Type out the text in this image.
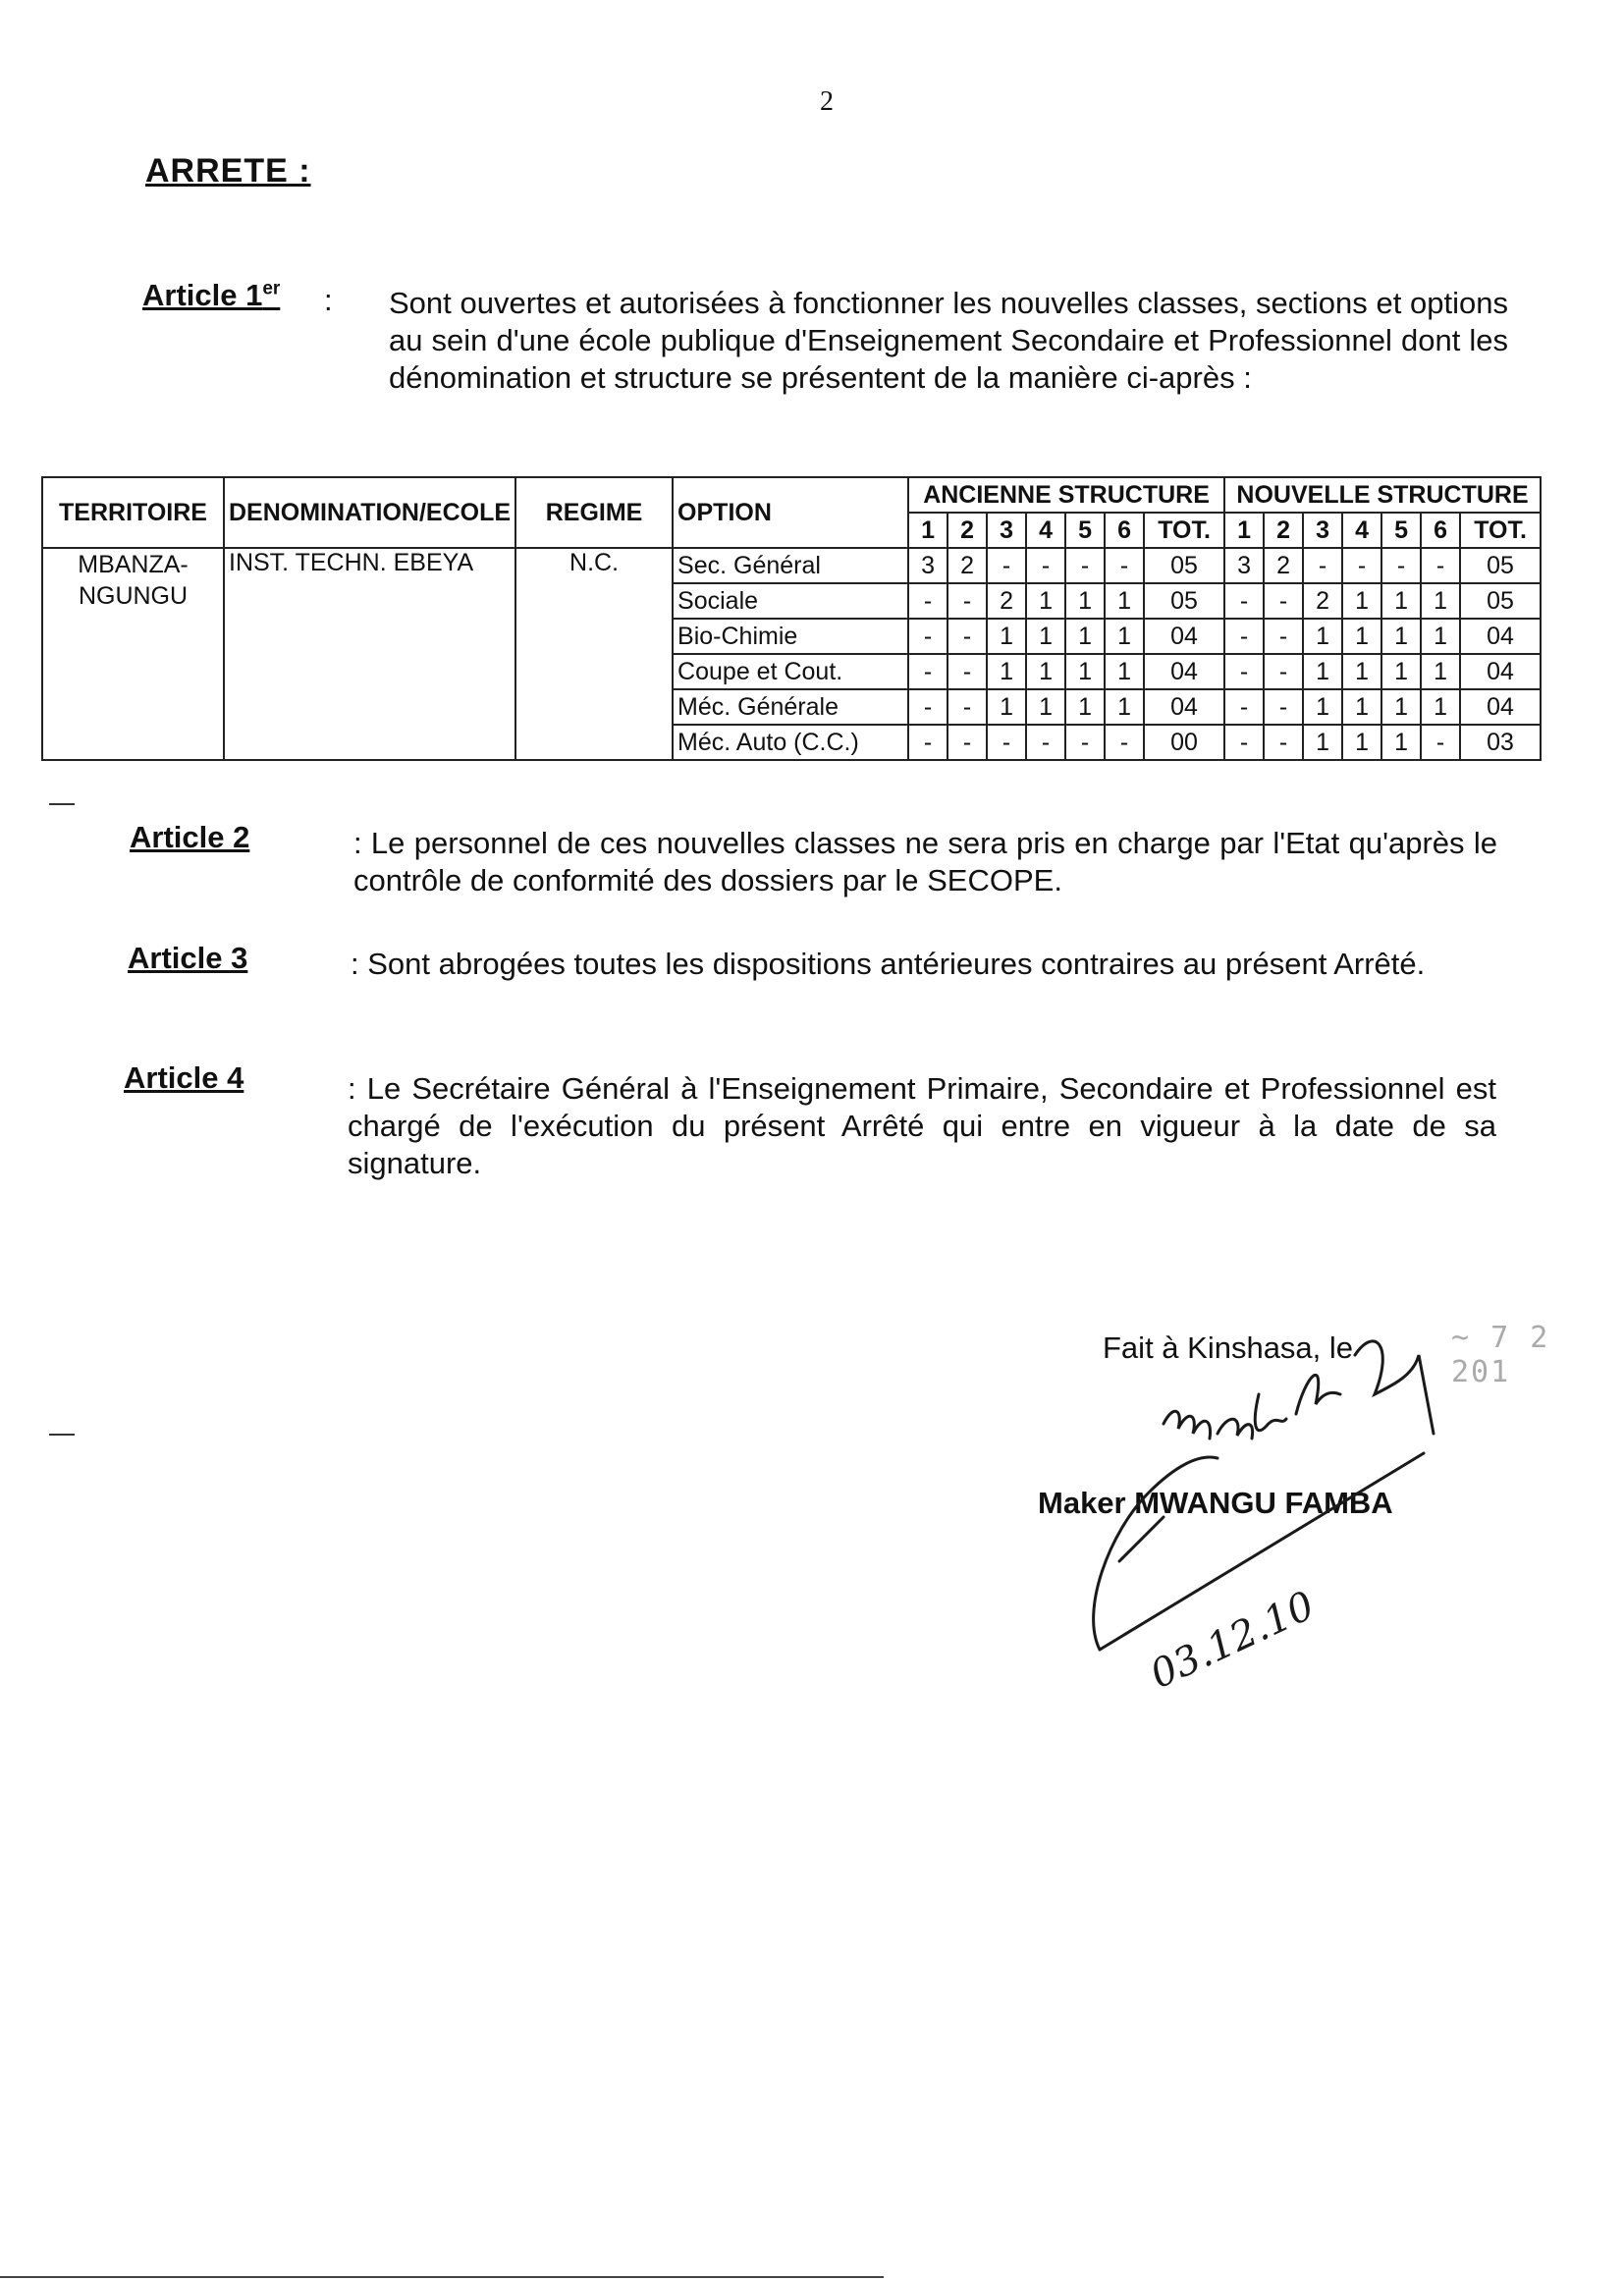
2
ARRETE :
Article 1er : Sont ouvertes et autorisées à fonctionner les nouvelles classes, sections et options au sein d'une école publique d'Enseignement Secondaire et Professionnel dont les dénomination et structure se présentent de la manière ci-après :
TERRITOIRE	DENOMINATION/ECOLE	REGIME	OPTION	ANCIENNE STRUCTURE							NOUVELLE STRUCTURE						
				1	2	3	4	5	6	TOT.	1	2	3	4	5	6	TOT.
MBANZA-NGUNGU	INST. TECHN. EBEYA	N.C.	Sec. Général	3	2	-	-	-	-	05	3	2	-	-	-	-	05
			Sociale	-	-	2	1	1	1	05	-	-	2	1	1	1	05
			Bio-Chimie	-	-	1	1	1	1	04	-	-	1	1	1	1	04
			Coupe et Cout.	-	-	1	1	1	1	04	-	-	1	1	1	1	04
			Méc. Générale	-	-	1	1	1	1	04	-	-	1	1	1	1	04
			Méc. Auto (C.C.)	-	-	-	-	-	-	00	-	-	1	1	1	-	03
Article 2	: Le personnel de ces nouvelles classes ne sera pris en charge par l'Etat qu'après le contrôle de conformité des dossiers par le SECOPE.
Article 3	: Sont abrogées toutes les dispositions antérieures contraires au présent Arrêté.
Article 4	: Le Secrétaire Général à l'Enseignement Primaire, Secondaire et Professionnel est chargé de l'exécution du présent Arrêté qui entre en vigueur à la date de sa signature.
Fait à Kinshasa, le	~ 7 2 201
Maker MWANGU FAMBA
03.12.10
